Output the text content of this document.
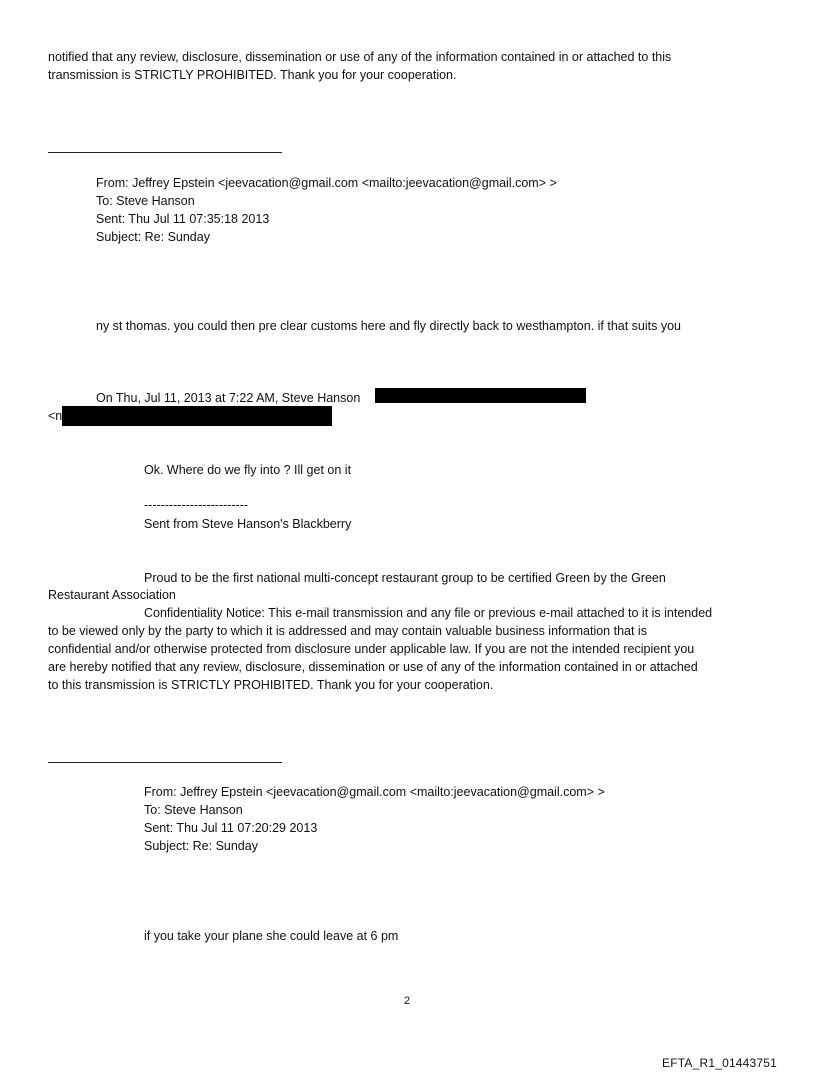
notified that any review, disclosure, dissemination or use of any of the information contained in or attached to this

transmission is STRICTLY PROHIBITED. Thank you for your cooperation.

From: Jeffrey Epstein <jeevacation@gmail.com <mailto:jeevacation@gmail.com> >

To: Steve Hanson

Sent: Thu Jul 11 07:35:18 2013

Subject: Re: Sunday

ny st thomas. you could then pre clear customs here and fly directly back to westhampton. if that suits you

On Thu, Jul 11, 2013 at 7:22 AM, Steve Hanson

<n

Ok. Where do we fly into ? Ill get on it

-------------------------

Sent from Steve Hanson's Blackberry

Proud to be the first national multi-concept restaurant group to be certified Green by the Green

Restaurant Association

Confidentiality Notice: This e-mail transmission and any file or previous e-mail attached to it is intended

to be viewed only by the party to which it is addressed and may contain valuable business information that is

confidential and/or otherwise protected from disclosure under applicable law. If you are not the intended recipient you

are hereby notified that any review, disclosure, dissemination or use of any of the information contained in or attached

to this transmission is STRICTLY PROHIBITED. Thank you for your cooperation.

From: Jeffrey Epstein <jeevacation@gmail.com <mailto:jeevacation@gmail.com> >

To: Steve Hanson

Sent: Thu Jul 11 07:20:29 2013

Subject: Re: Sunday

if you take your plane she could leave at 6 pm

2
EFTA_R1_01443751
